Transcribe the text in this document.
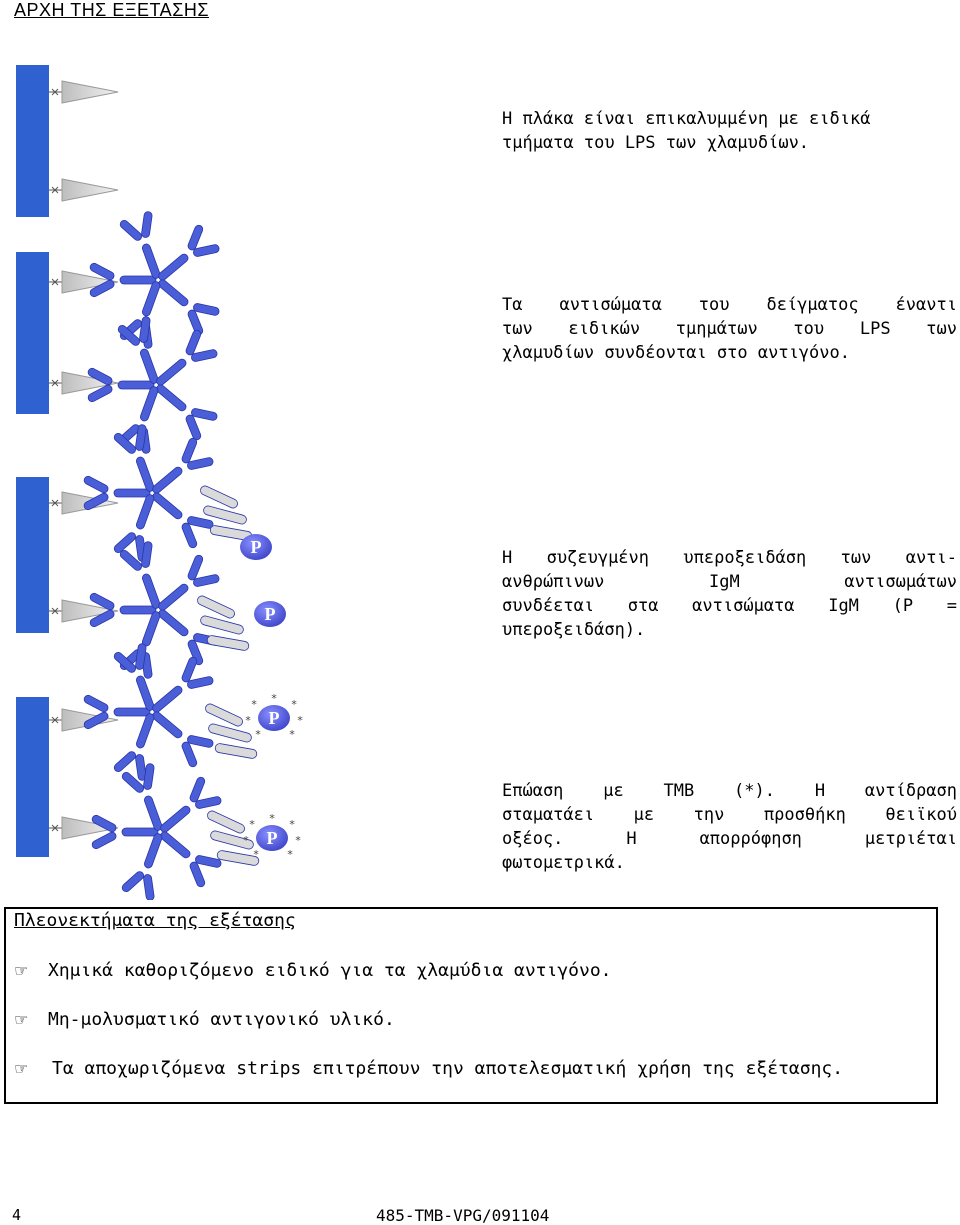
ΑΡΧΗ ΤΗΣ ΕΞΕΤΑΣΗΣ
P
P
P
*	*
*	*
* *
*
P
*	*
*	*
* *
*
Η πλάκα είναι επικαλυμμένη με ειδικά
τμήματα του LPS των χλαμυδίων.
Τα αντισώματα του δείγματος έναντι
των ειδικών τμημάτων του LPS των
χλαμυδίων συνδέονται στο αντιγόνο.
Η συζευγμένη υπεροξειδάση των αντι-
ανθρώπινων IgM αντισωμάτων
συνδέεται στα αντισώματα IgM (P =
υπεροξειδάση).
Επώαση με TMB (*). Η αντίδραση
σταματάει με την προσθήκη θειϊκού
οξέος. Η απορρόφηση μετριέται
φωτομετρικά.
Πλεονεκτήματα της εξέτασης
☞ Χημικά καθοριζόμενο ειδικό για τα χλαμύδια αντιγόνο.
☞ Μη-μολυσματικό αντιγονικό υλικό.
☞	Τα αποχωριζόμενα strips επιτρέπουν την αποτελεσματική χρήση της εξέτασης.
4	485-TMB-VPG/091104
